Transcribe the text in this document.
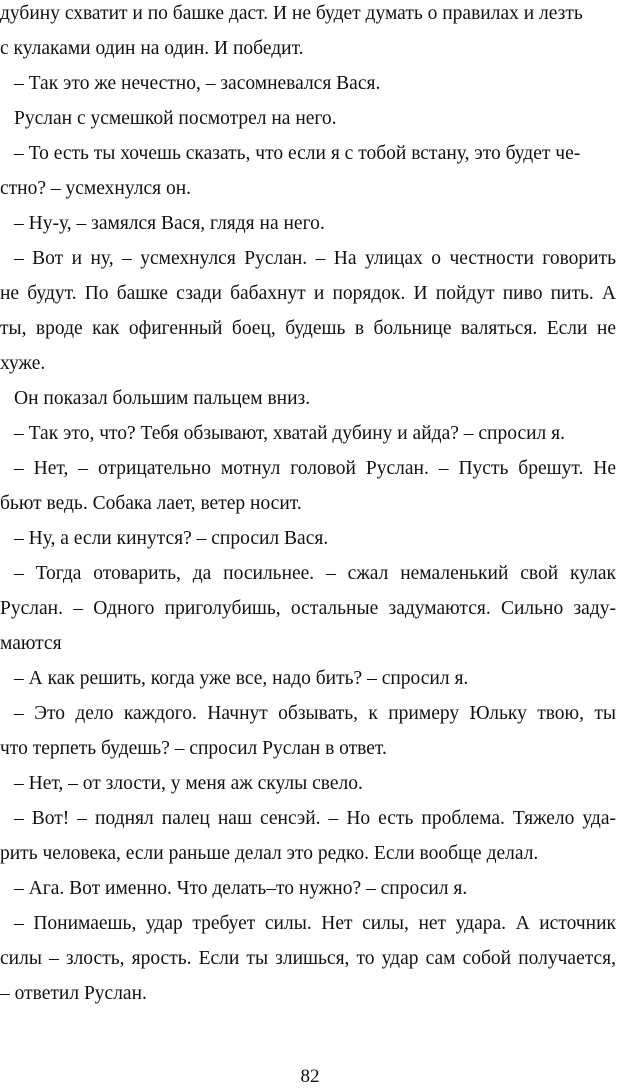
дубину схватит и по башке даст. И не будет думать о правилах и лезть
с кулаками один на один. И победит.
– Так это же нечестно, – засомневался Вася.
Руслан с усмешкой посмотрел на него.
– То есть ты хочешь сказать, что если я с тобой встану, это будет че-
стно? – усмехнулся он.
– Ну-у, – замялся Вася, глядя на него.
– Вот и ну, – усмехнулся Руслан. – На улицах о честности говорить
не будут. По башке сзади бабахнут и порядок. И пойдут пиво пить. А
ты, вроде как офигенный боец, будешь в больнице валяться. Если не
хуже.
Он показал большим пальцем вниз.
– Так это, что? Тебя обзывают, хватай дубину и айда? – спросил я.
– Нет, – отрицательно мотнул головой Руслан. – Пусть брешут. Не
бьют ведь. Собака лает, ветер носит.
– Ну, а если кинутся? – спросил Вася.
– Тогда отоварить, да посильнее. – сжал немаленький свой кулак
Руслан. – Одного приголубишь, остальные задумаются. Сильно заду-
маются
– А как решить, когда уже все, надо бить? – спросил я.
– Это дело каждого. Начнут обзывать, к примеру Юльку твою, ты
что терпеть будешь? – спросил Руслан в ответ.
– Нет, – от злости, у меня аж скулы свело.
– Вот! – поднял палец наш сенсэй. – Но есть проблема. Тяжело уда-
рить человека, если раньше делал это редко. Если вообще делал.
– Ага. Вот именно. Что делать–то нужно? – спросил я.
– Понимаешь, удар требует силы. Нет силы, нет удара. А источник
силы – злость, ярость. Если ты злишься, то удар сам собой получается,
– ответил Руслан.
82
